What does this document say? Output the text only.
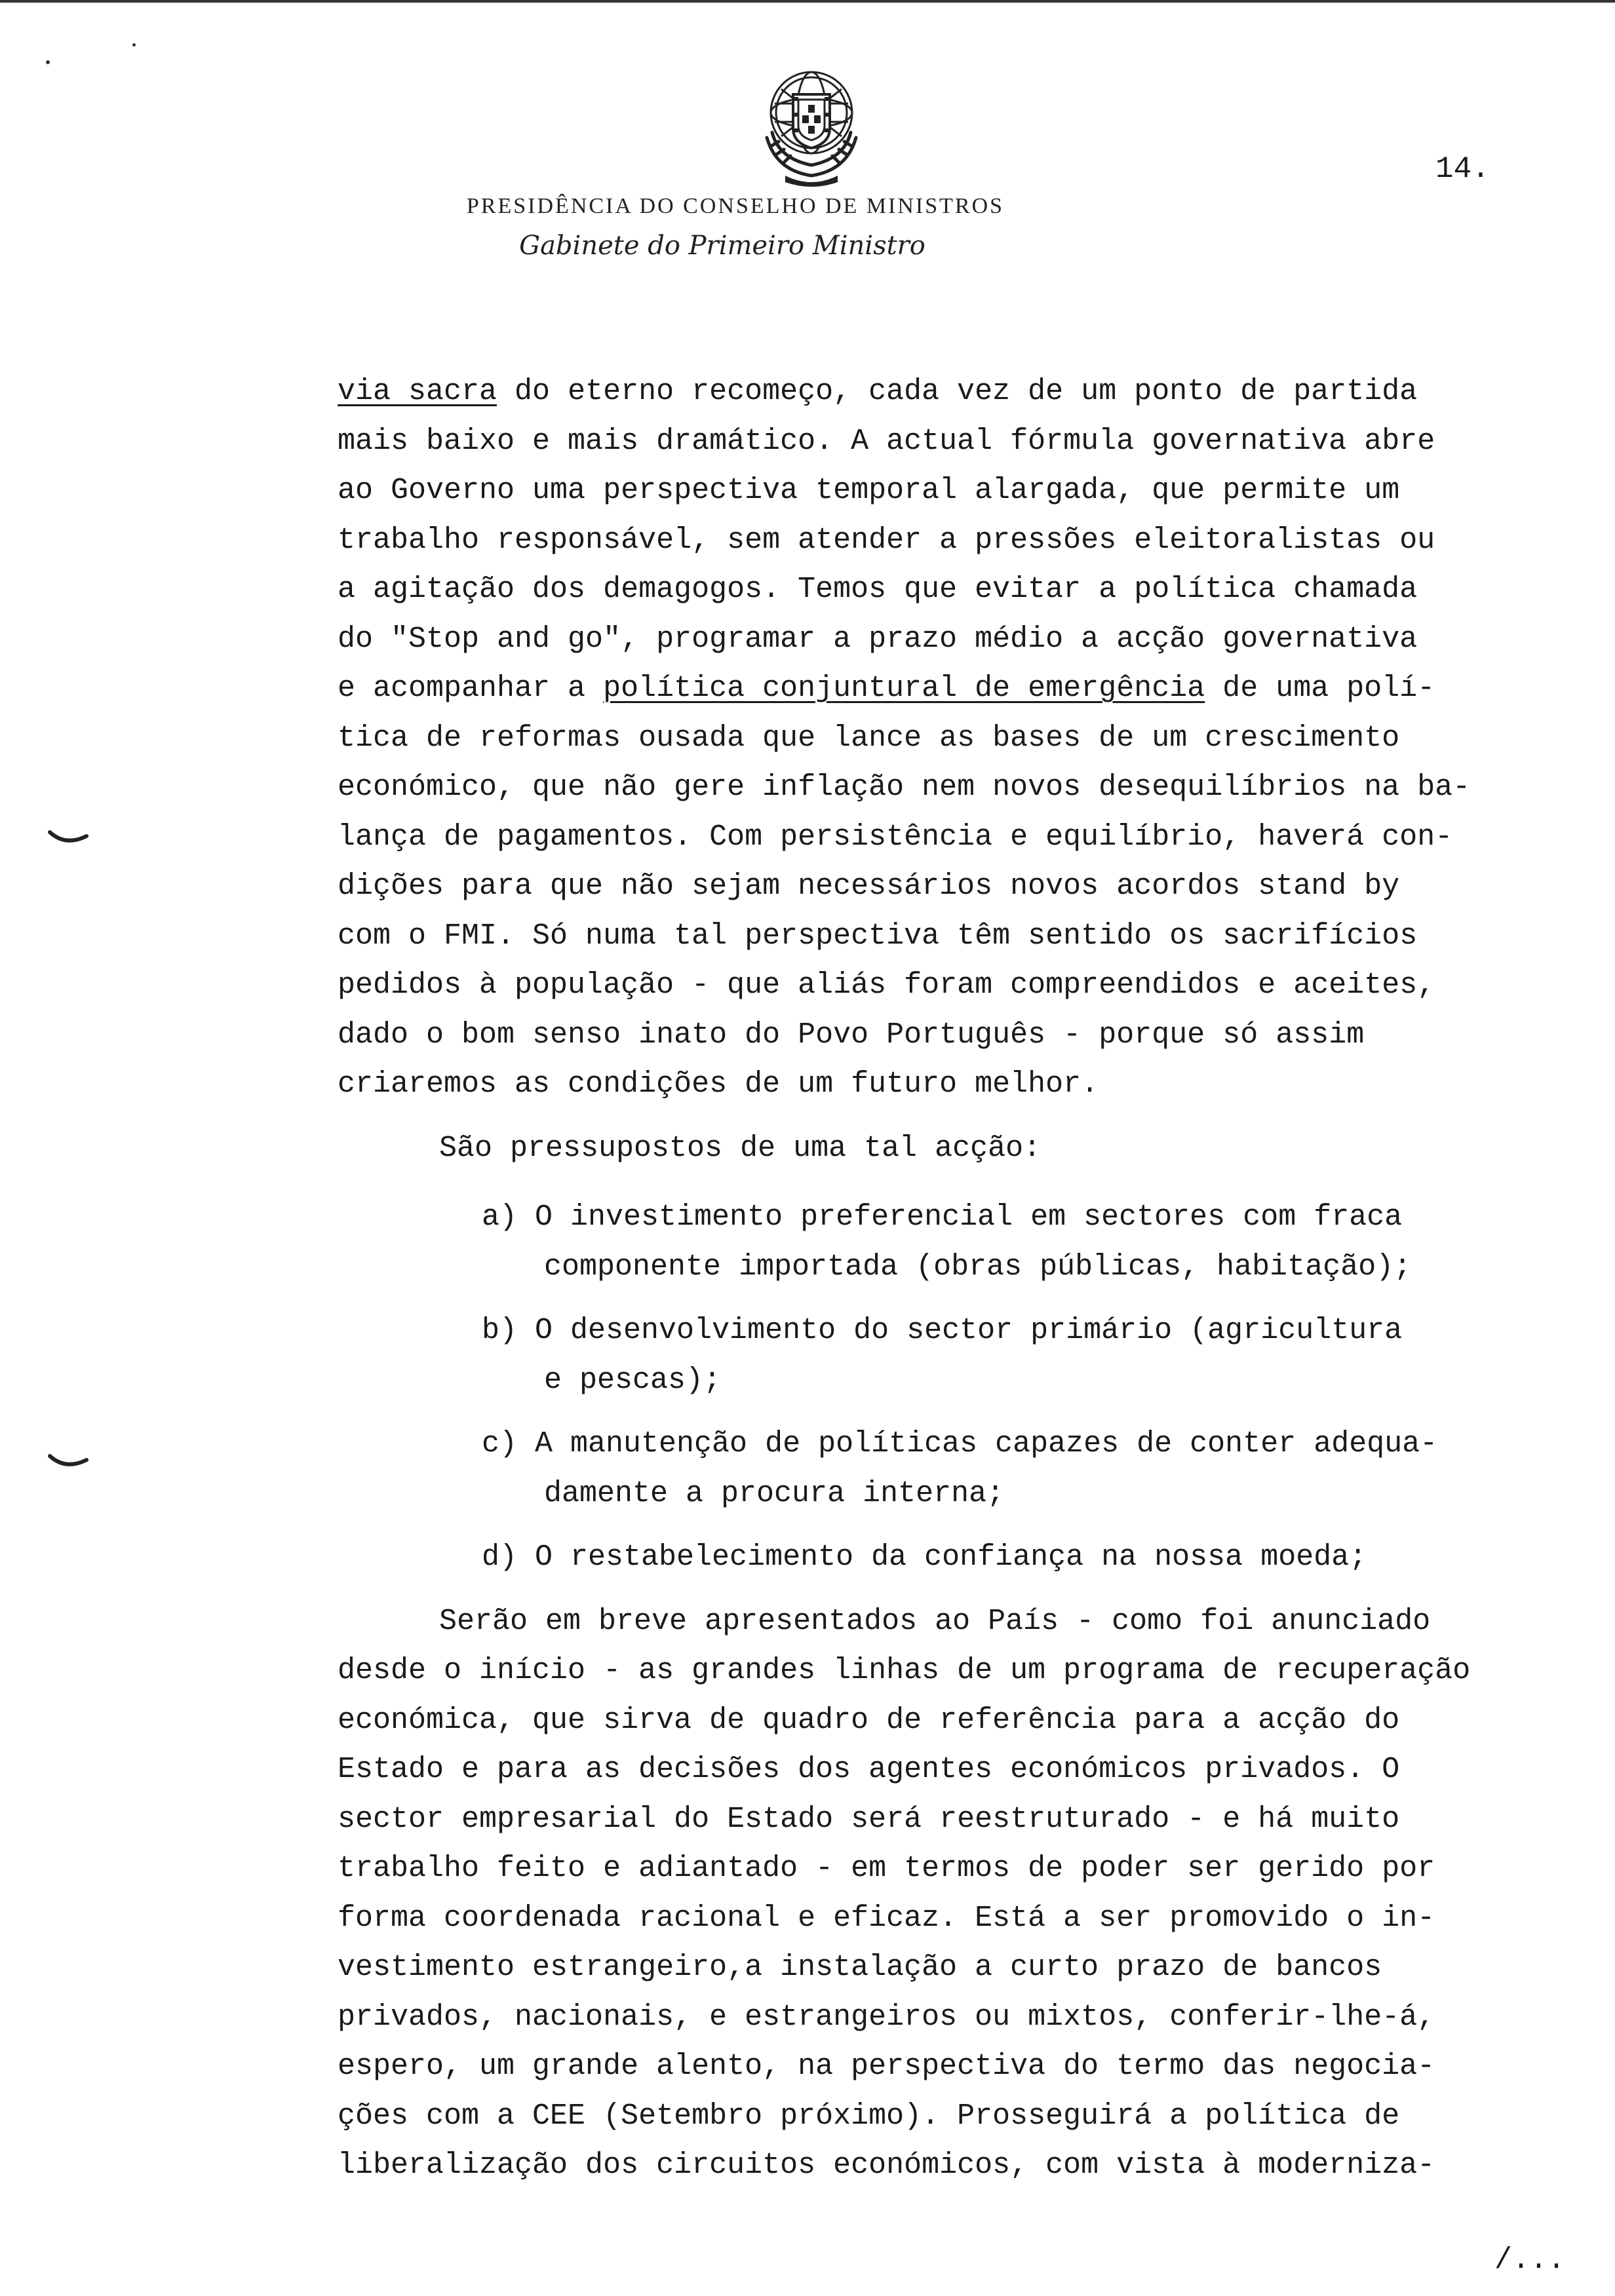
14.
PRESIDÊNCIA DO CONSELHO DE MINISTROS
Gabinete do Primeiro Ministro
via sacra do eterno recomeço, cada vez de um ponto de partida
mais baixo e mais dramático. A actual fórmula governativa abre
ao Governo uma perspectiva temporal alargada, que permite um
trabalho responsável, sem atender a pressões eleitoralistas ou
a agitação dos demagogos. Temos que evitar a política chamada
do "Stop and go", programar a prazo médio a acção governativa
e acompanhar a política conjuntural de emergência de uma polí-
tica de reformas ousada que lance as bases de um crescimento
económico, que não gere inflação nem novos desequilíbrios na ba-
lança de pagamentos. Com persistência e equilíbrio, haverá con-
dições para que não sejam necessários novos acordos stand by
com o FMI. Só numa tal perspectiva têm sentido os sacrifícios
pedidos à população - que aliás foram compreendidos e aceites,
dado o bom senso inato do Povo Português - porque só assim
criaremos as condições de um futuro melhor.
São pressupostos de uma tal acção:
a) O investimento preferencial em sectores com fraca
componente importada (obras públicas, habitação);
b) O desenvolvimento do sector primário (agricultura
e pescas);
c) A manutenção de políticas capazes de conter adequa-
damente a procura interna;
d) O restabelecimento da confiança na nossa moeda;
Serão em breve apresentados ao País - como foi anunciado
desde o início - as grandes linhas de um programa de recuperação
económica, que sirva de quadro de referência para a acção do
Estado e para as decisões dos agentes económicos privados. O
sector empresarial do Estado será reestruturado - e há muito
trabalho feito e adiantado - em termos de poder ser gerido por
forma coordenada racional e eficaz. Está a ser promovido o in-
vestimento estrangeiro,a instalação a curto prazo de bancos
privados, nacionais, e estrangeiros ou mixtos, conferir-lhe-á,
espero, um grande alento, na perspectiva do termo das negocia-
ções com a CEE (Setembro próximo). Prosseguirá a política de
liberalização dos circuitos económicos, com vista à moderniza-
/...
